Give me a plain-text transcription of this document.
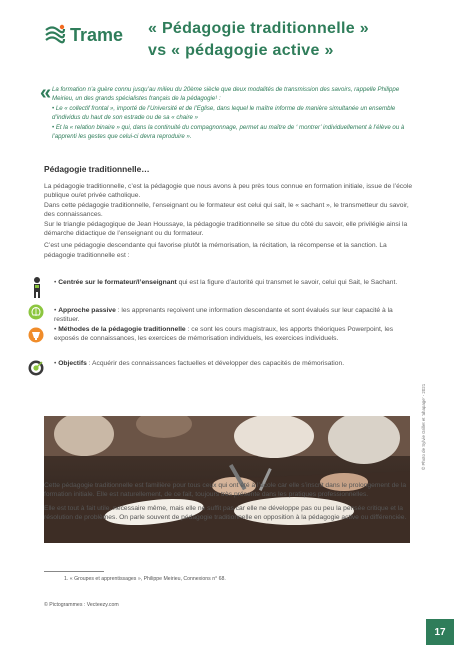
Trame « Pédagogie traditionnelle »
vs « pédagogie active »
« La formation n’a guère connu jusqu’au milieu du 20ème siècle que deux modalités de transmission des savoirs, rappelle Philippe Meirieu, un des grands spécialistes français de la pédagogie¹ :

• Le « collectif frontal », importé de l’Université et de l’Eglise, dans lequel le maître informe de manière simultanée un ensemble d’individus du haut de son estrade ou de sa « chaire »

• Et la « relation binaire » qui, dans la continuité du compagnonnage, permet au maître de ‘ montrer’ individuellement à l’élève ou à l’apprenti les gestes que celui-ci devra reproduire ».

Pédagogie traditionnelle…

La pédagogie traditionnelle, c’est la pédagogie que nous avons à peu près tous connue en formation initiale, issue de l’école publique ou/et privée catholique.

Dans cette pédagogie traditionnelle, l’enseignant ou le formateur est celui qui sait, le « sachant », le transmetteur du savoir, des connaissances.

Sur le triangle pédagogique de Jean Houssaye, la pédagogie traditionnelle se situe du côté du savoir, elle privilégie ainsi la démarche didactique de l’enseignant ou du formateur.

C’est une pédagogie descendante qui favorise plutôt la mémorisation, la récitation, la récompense et la sanction. La pédagogie traditionnelle est :

• Centrée sur le formateur/l’enseignant qui est la figure d’autorité qui transmet le savoir, celui qui Sait, le Sachant.
• Approche passive : les apprenants reçoivent une information descendante et sont évalués sur leur capacité à la restituer.
• Méthodes de la pédagogie traditionnelle : ce sont les cours magistraux, les apports théoriques Powerpoint, les exposés de connaissances, les exercices de mémorisation individuels, les exercices individuels.
• Objectifs : Acquérir des connaissances factuelles et développer des capacités de mémorisation.
© Photo de Sylvie Grillet et 'ahapage' - 2021

Cette pédagogie traditionnelle est familière pour tous ceux qui ont été à l’école car elle s’inscrit dans le prolongement de la formation initiale. Elle est naturellement, de ce fait, toujours très présente dans les pratiques professionnelles.

Elle est tout à fait utile, nécessaire même, mais elle ne suffit pas car elle ne développe pas ou peu la pensée critique et la résolution de problèmes. On parle souvent de pédagogie traditionnelle en opposition à la pédagogie active ou différenciée.

1. « Groupes et apprentissages », Philippe Meirieu, Connexions n° 68.
© Pictogrammes : Vecteezy.com
17
